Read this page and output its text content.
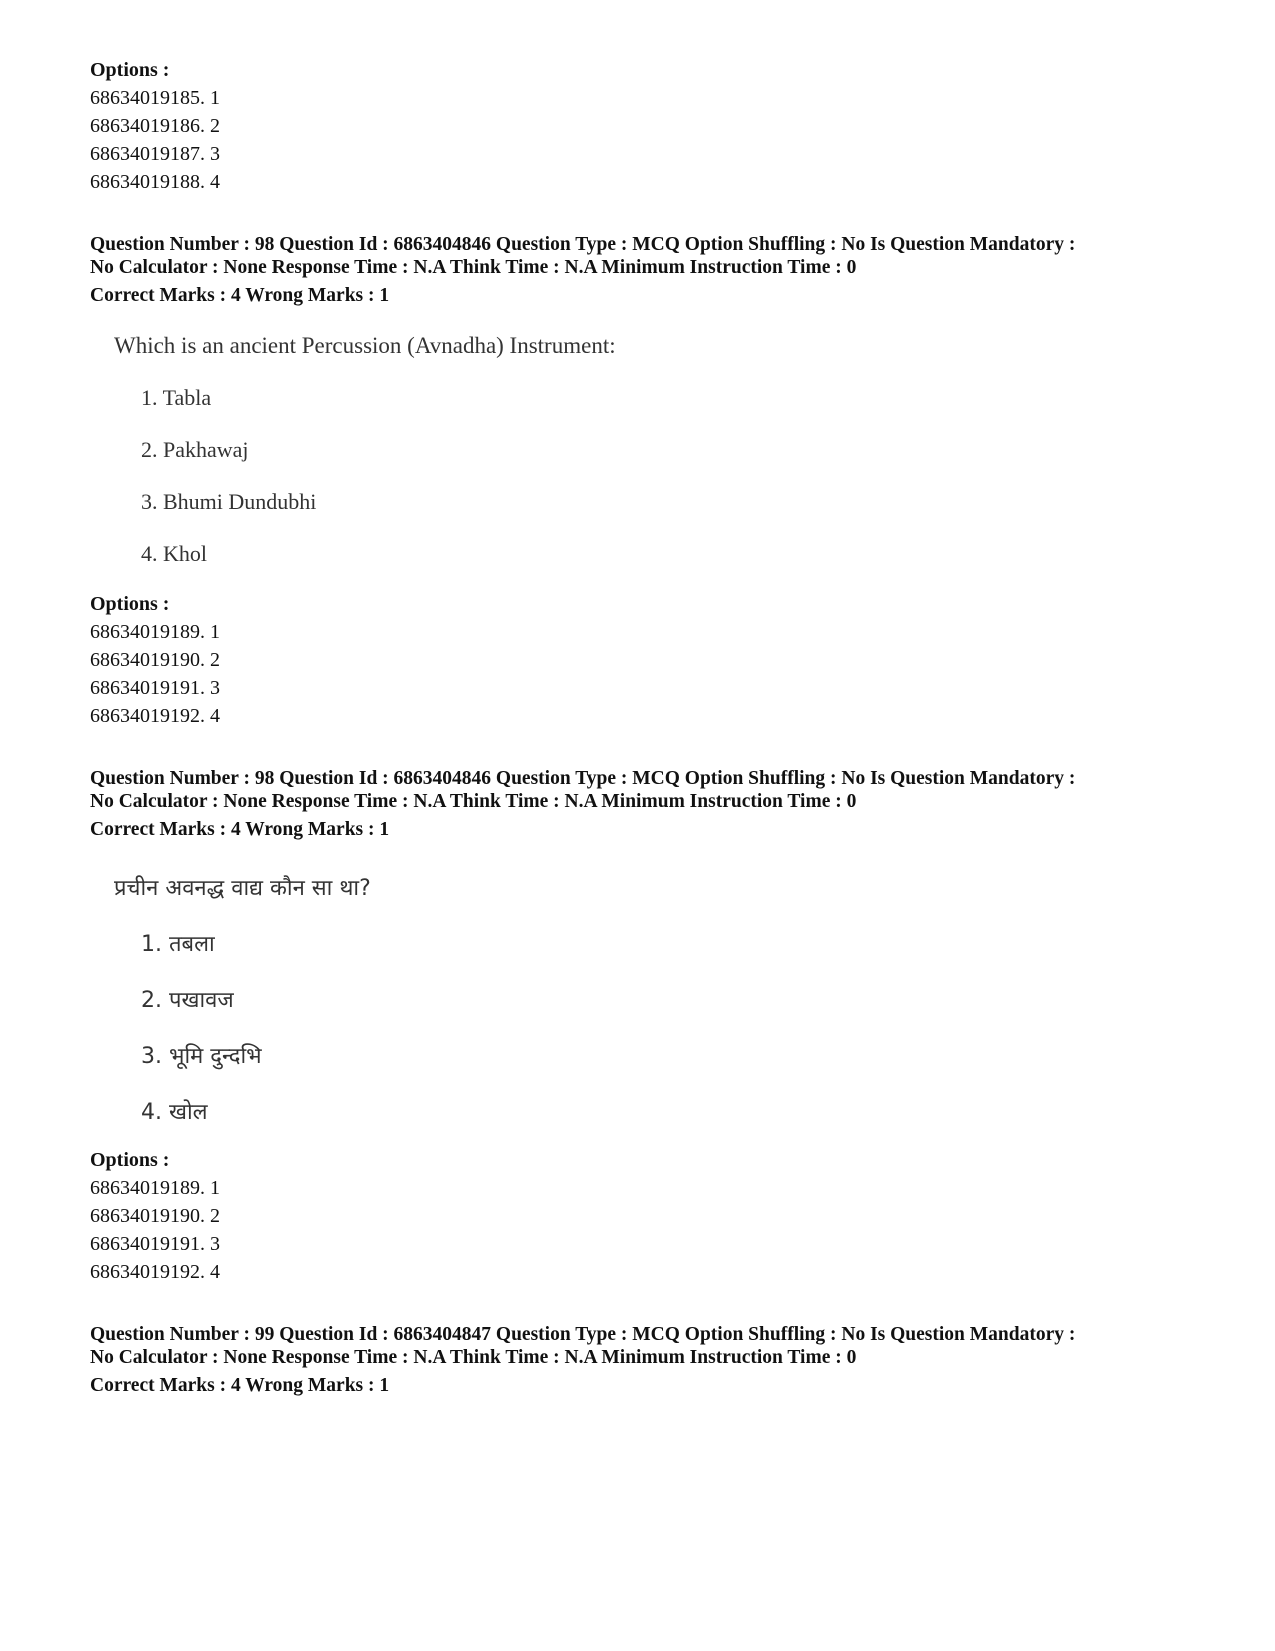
Options :
68634019185. 1
68634019186. 2
68634019187. 3
68634019188. 4
Question Number : 98 Question Id : 6863404846 Question Type : MCQ Option Shuffling : No Is Question Mandatory :
No Calculator : None Response Time : N.A Think Time : N.A Minimum Instruction Time : 0
Correct Marks : 4 Wrong Marks : 1
Which is an ancient Percussion (Avnadha) Instrument:
1. Tabla
2. Pakhawaj
3. Bhumi Dundubhi
4. Khol
Options :
68634019189. 1
68634019190. 2
68634019191. 3
68634019192. 4
Question Number : 98 Question Id : 6863404846 Question Type : MCQ Option Shuffling : No Is Question Mandatory :
No Calculator : None Response Time : N.A Think Time : N.A Minimum Instruction Time : 0
Correct Marks : 4 Wrong Marks : 1
प्रचीन अवनद्ध वाद्य कौन सा था?
1. तबला
2. पखावज
3. भूमि दुन्दभि
4. खोल
Options :
68634019189. 1
68634019190. 2
68634019191. 3
68634019192. 4
Question Number : 99 Question Id : 6863404847 Question Type : MCQ Option Shuffling : No Is Question Mandatory :
No Calculator : None Response Time : N.A Think Time : N.A Minimum Instruction Time : 0
Correct Marks : 4 Wrong Marks : 1
